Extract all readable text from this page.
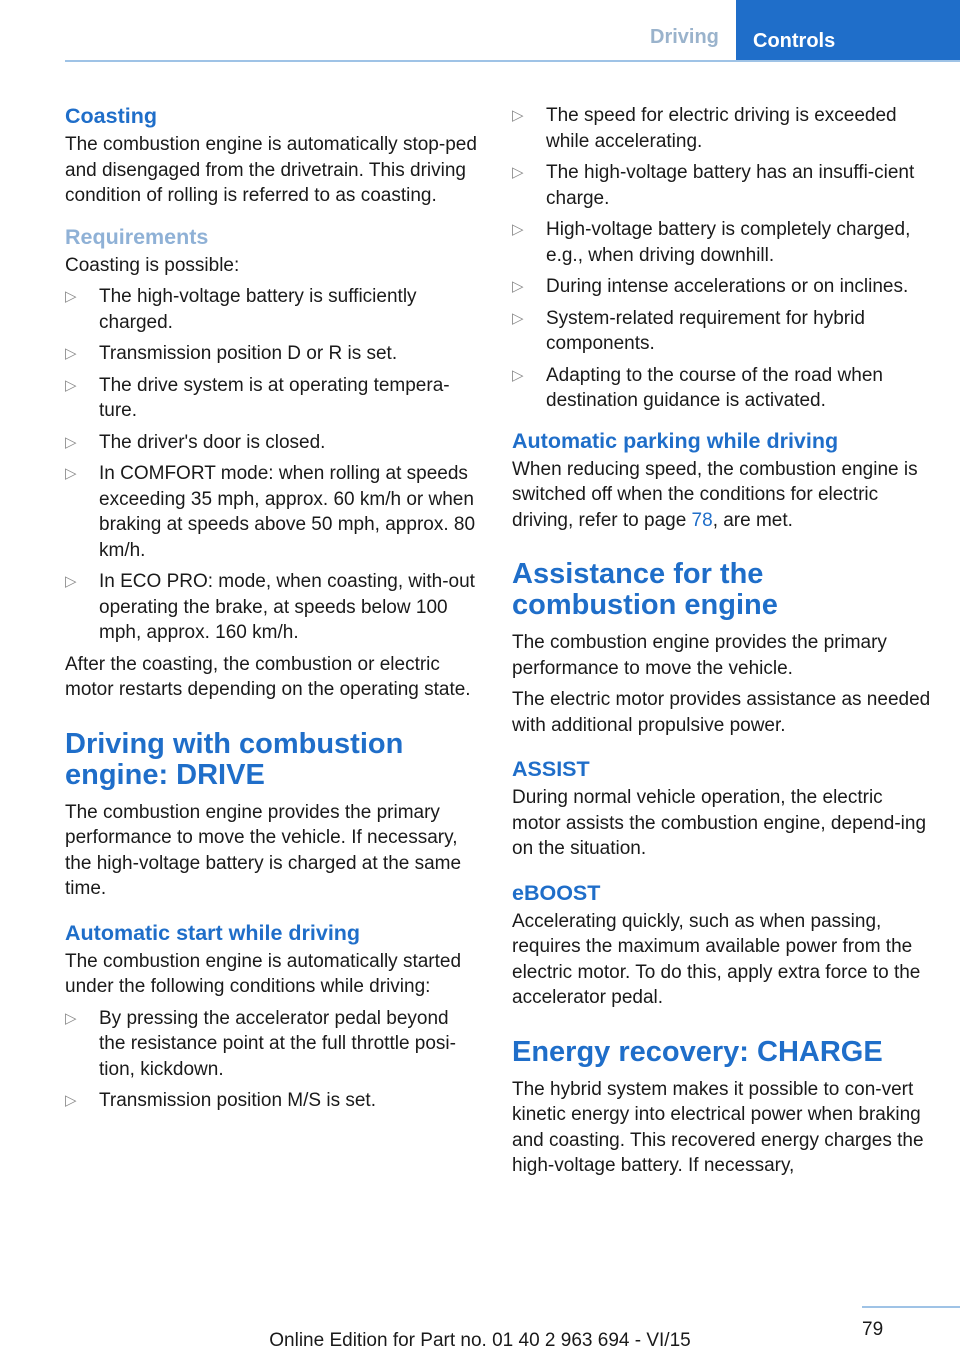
Driving	Controls
Coasting

The combustion engine is automatically stop‐ped and disengaged from the drivetrain. This driving condition of rolling is referred to as coasting.

Requirements

Coasting is possible:

▷ The high-voltage battery is sufficiently charged.
▷ Transmission position D or R is set.
▷ The drive system is at operating tempera‐ture.
▷ The driver's door is closed.
▷ In COMFORT mode: when rolling at speeds exceeding 35 mph, approx. 60 km/h or when braking at speeds above 50 mph, approx. 80 km/h.
▷ In ECO PRO: mode, when coasting, with‐out operating the brake, at speeds below 100 mph, approx. 160 km/h.

After the coasting, the combustion or electric motor restarts depending on the operating state.

Driving with combustion engine: DRIVE

The combustion engine provides the primary performance to move the vehicle. If necessary, the high-voltage battery is charged at the same time.

Automatic start while driving

The combustion engine is automatically started under the following conditions while driving:

▷ By pressing the accelerator pedal beyond the resistance point at the full throttle posi‐tion, kickdown.
▷ Transmission position M/S is set.
▷ The speed for electric driving is exceeded while accelerating.
▷ The high-voltage battery has an insuffi‐cient charge.
▷ High-voltage battery is completely charged, e.g., when driving downhill.
▷ During intense accelerations or on inclines.
▷ System-related requirement for hybrid components.
▷ Adapting to the course of the road when destination guidance is activated.
Automatic parking while driving

When reducing speed, the combustion engine is switched off when the conditions for electric driving, refer to page 78, are met.

Assistance for the combustion engine

The combustion engine provides the primary performance to move the vehicle.

The electric motor provides assistance as needed with additional propulsive power.

ASSIST

During normal vehicle operation, the electric motor assists the combustion engine, depend‐ing on the situation.

eBOOST

Accelerating quickly, such as when passing, requires the maximum available power from the electric motor. To do this, apply extra force to the accelerator pedal.

Energy recovery: CHARGE

The hybrid system makes it possible to con‐vert kinetic energy into electrical power when braking and coasting. This recovered energy charges the high-voltage battery. If necessary,

79
Online Edition for Part no. 01 40 2 963 694 - VI/15
